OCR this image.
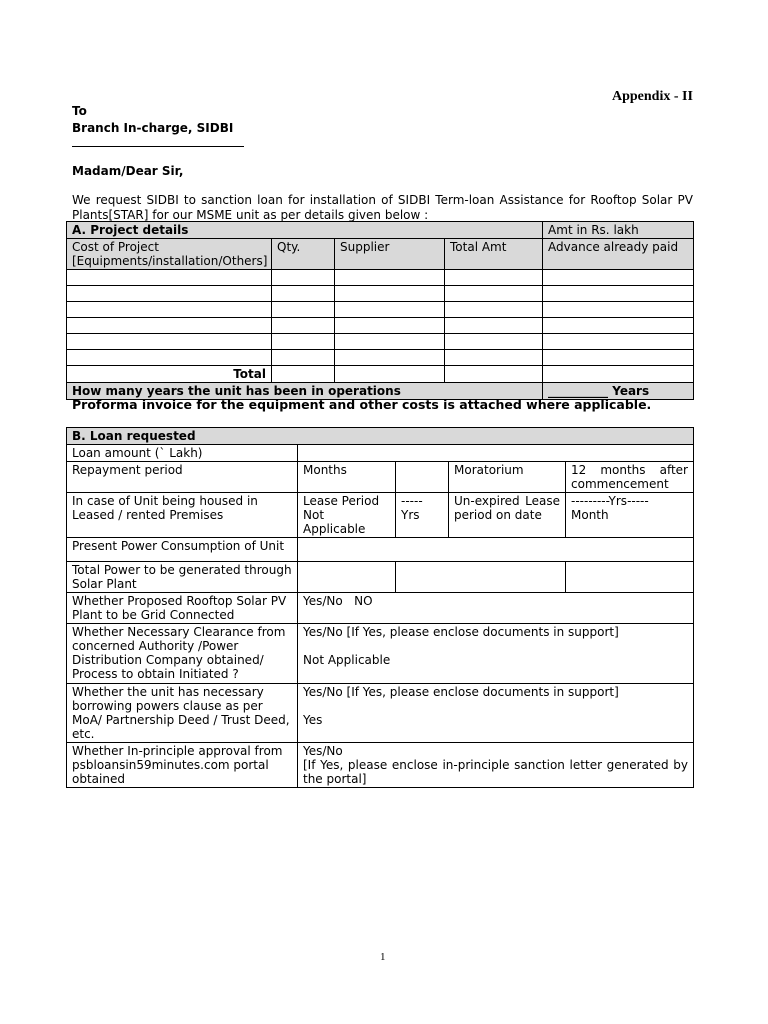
Appendix - II
To
Branch In-charge, SIDBI
Madam/Dear Sir,
We request SIDBI to sanction loan for installation of SIDBI Term-loan Assistance for Rooftop Solar PV Plants[STAR] for our MSME unit as per details given below :
A. Project details				Amt in Rs. lakh
Cost of Project [Equipments/installation/Others]	Qty.	Supplier	Total Amt	Advance already paid

Total				
How many years the unit has been in operations				__________ Years
Proforma invoice for the equipment and other costs is attached where applicable.
B. Loan requested				
Loan amount (` Lakh)				
Repayment period	Months		Moratorium	12 months after commencement
In case of Unit being housed in Leased / rented Premises	Lease Period Not Applicable	----- Yrs	Un-expired Lease period on date	---------Yrs----- Month
Present Power Consumption of Unit				
Total Power to be generated through Solar Plant				
Whether Proposed Rooftop Solar PV Plant to be Grid Connected	Yes/No   NO			
Whether Necessary Clearance from concerned Authority /Power Distribution Company obtained/ Process to obtain Initiated ?	Yes/No [If Yes, please enclose documents in support]
Not Applicable			

Whether the unit has necessary borrowing powers clause as per MoA/ Partnership Deed / Trust Deed, etc.	Yes/No [If Yes, please enclose documents in support]
Yes			

Whether In-principle approval from psbloansin59minutes.com portal obtained	Yes/No
[If Yes, please enclose in-principle sanction letter generated by the portal]			
1
